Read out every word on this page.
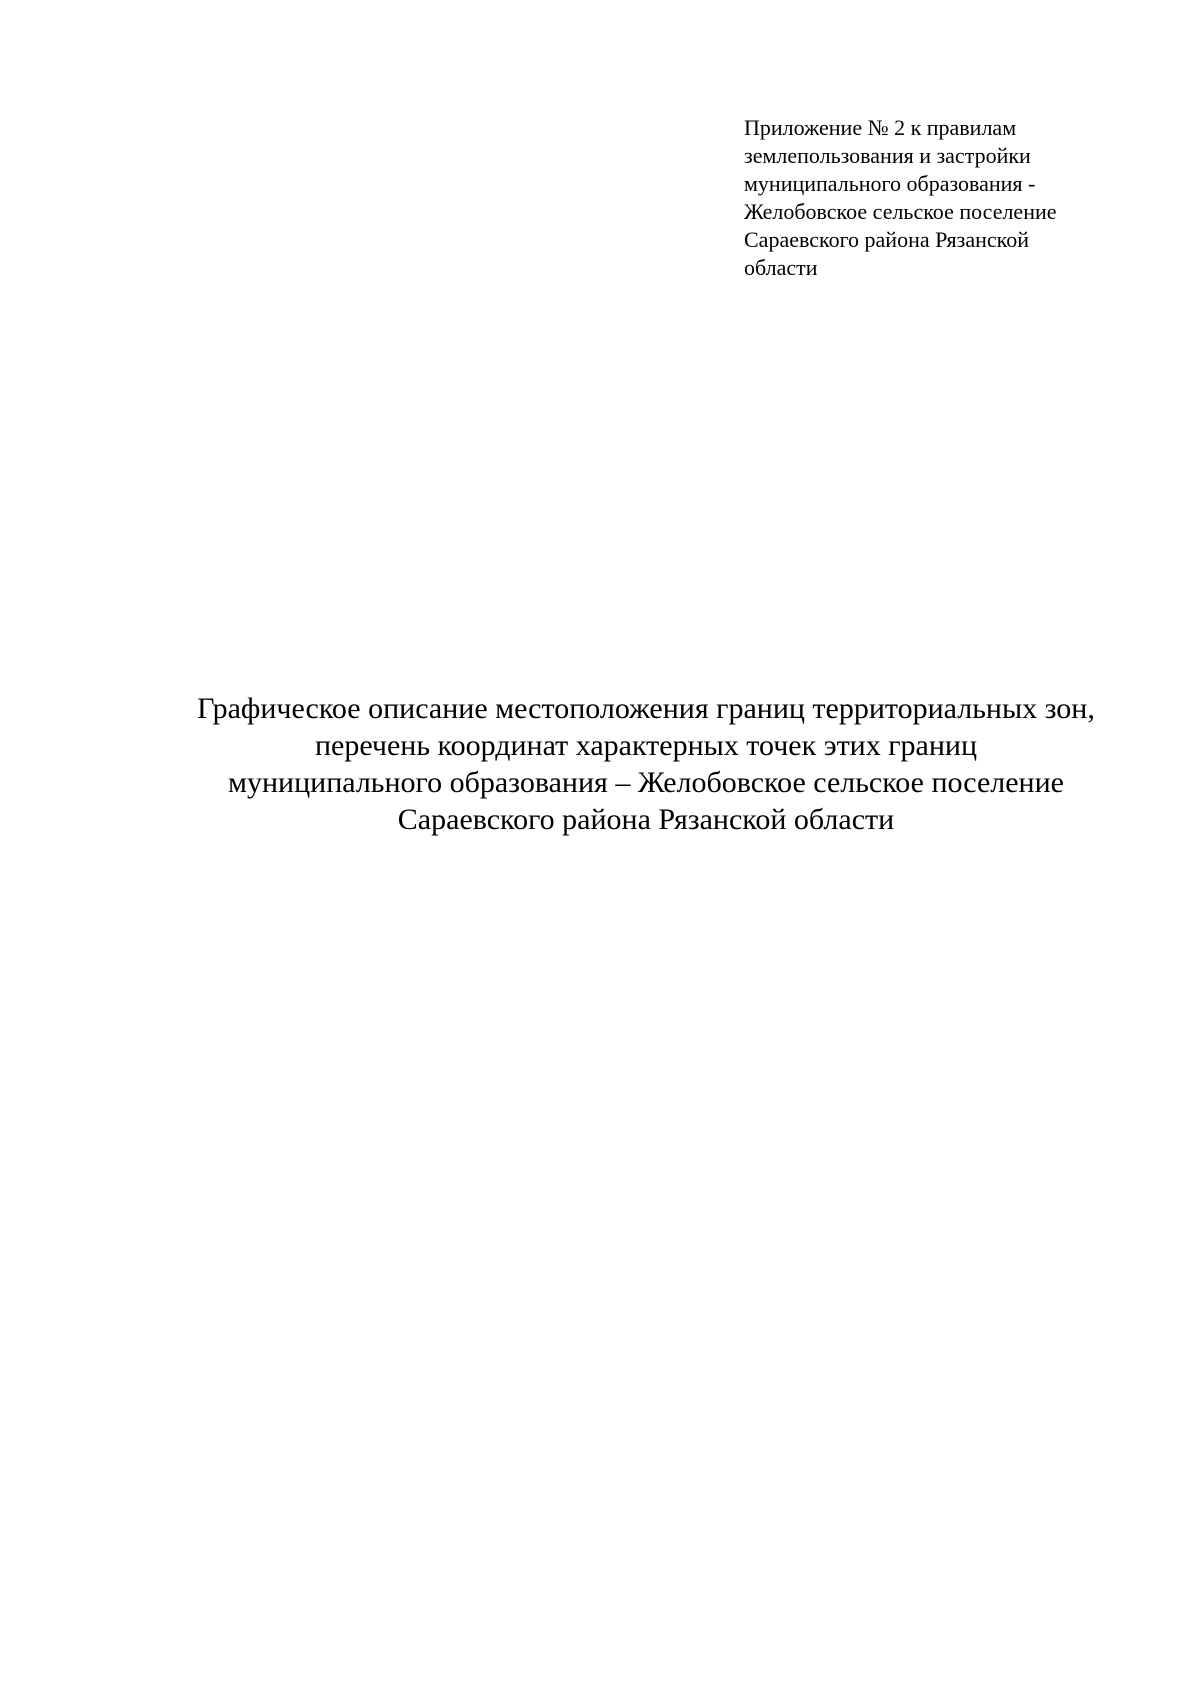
Приложение № 2 к правилам
землепользования и застройки
муниципального образования -
Желобовское сельское поселение
Сараевского района Рязанской
области
Графическое описание местоположения границ территориальных зон,
перечень координат характерных точек этих границ
муниципального образования – Желобовское сельское поселение
Сараевского района Рязанской области
